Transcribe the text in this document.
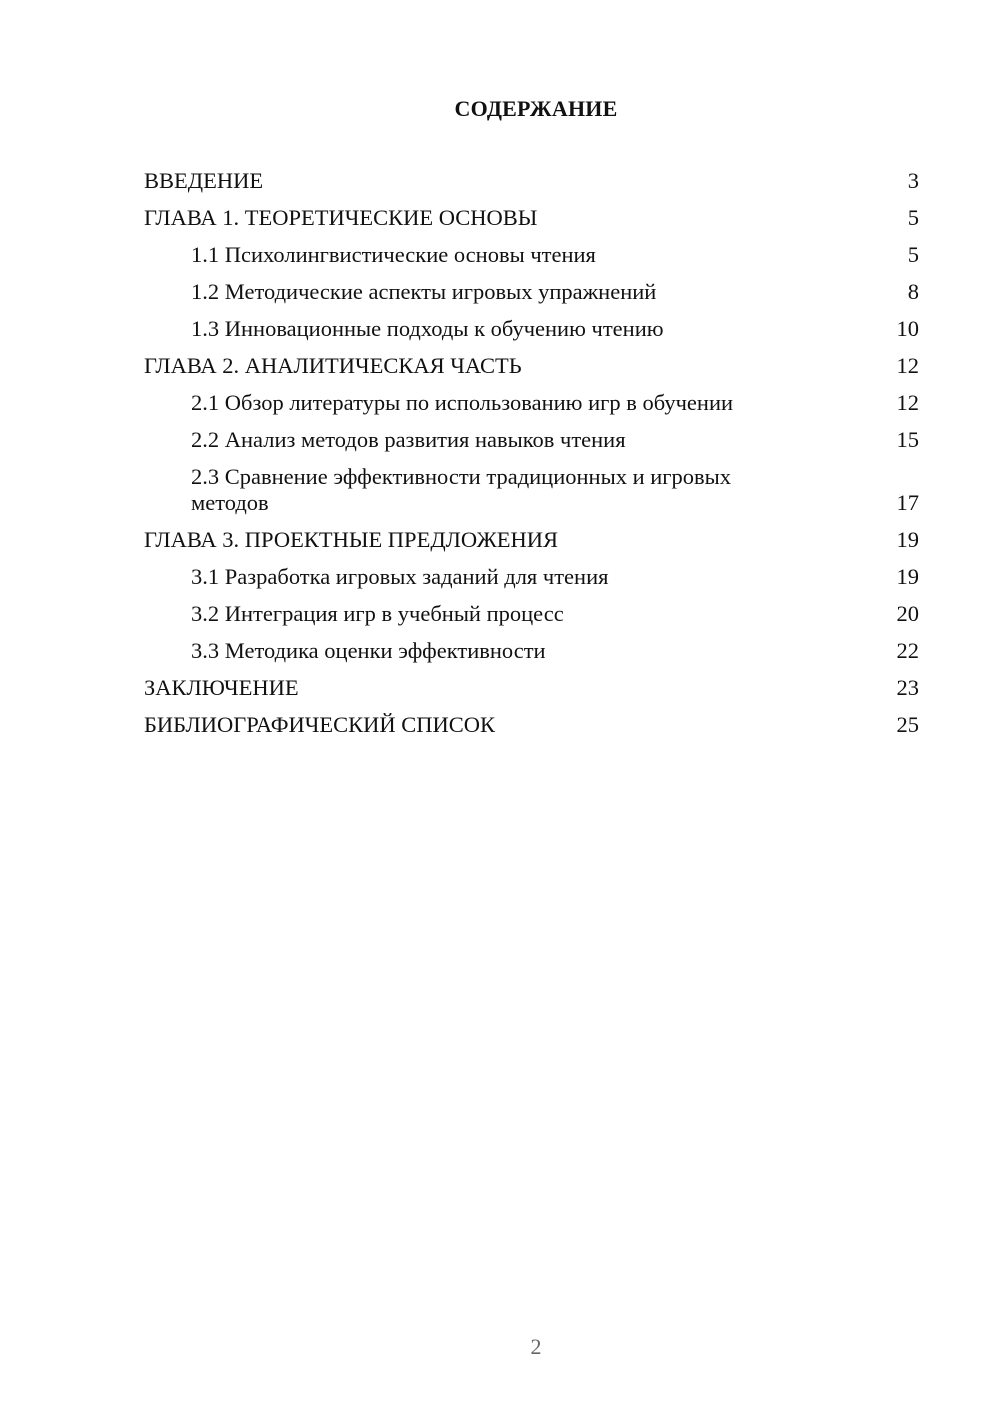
СОДЕРЖАНИЕ
ВВЕДЕНИЕ	3
ГЛАВА 1. ТЕОРЕТИЧЕСКИЕ ОСНОВЫ	5
1.1 Психолингвистические основы чтения	5
1.2 Методические аспекты игровых упражнений	8
1.3 Инновационные подходы к обучению чтению	10
ГЛАВА 2. АНАЛИТИЧЕСКАЯ ЧАСТЬ	12
2.1 Обзор литературы по использованию игр в обучении	12
2.2 Анализ методов развития навыков чтения	15
2.3 Сравнение эффективности традиционных и игровых методов	17
ГЛАВА 3. ПРОЕКТНЫЕ ПРЕДЛОЖЕНИЯ	19
3.1 Разработка игровых заданий для чтения	19
3.2 Интеграция игр в учебный процесс	20
3.3 Методика оценки эффективности	22
ЗАКЛЮЧЕНИЕ	23
БИБЛИОГРАФИЧЕСКИЙ СПИСОК	25
2
